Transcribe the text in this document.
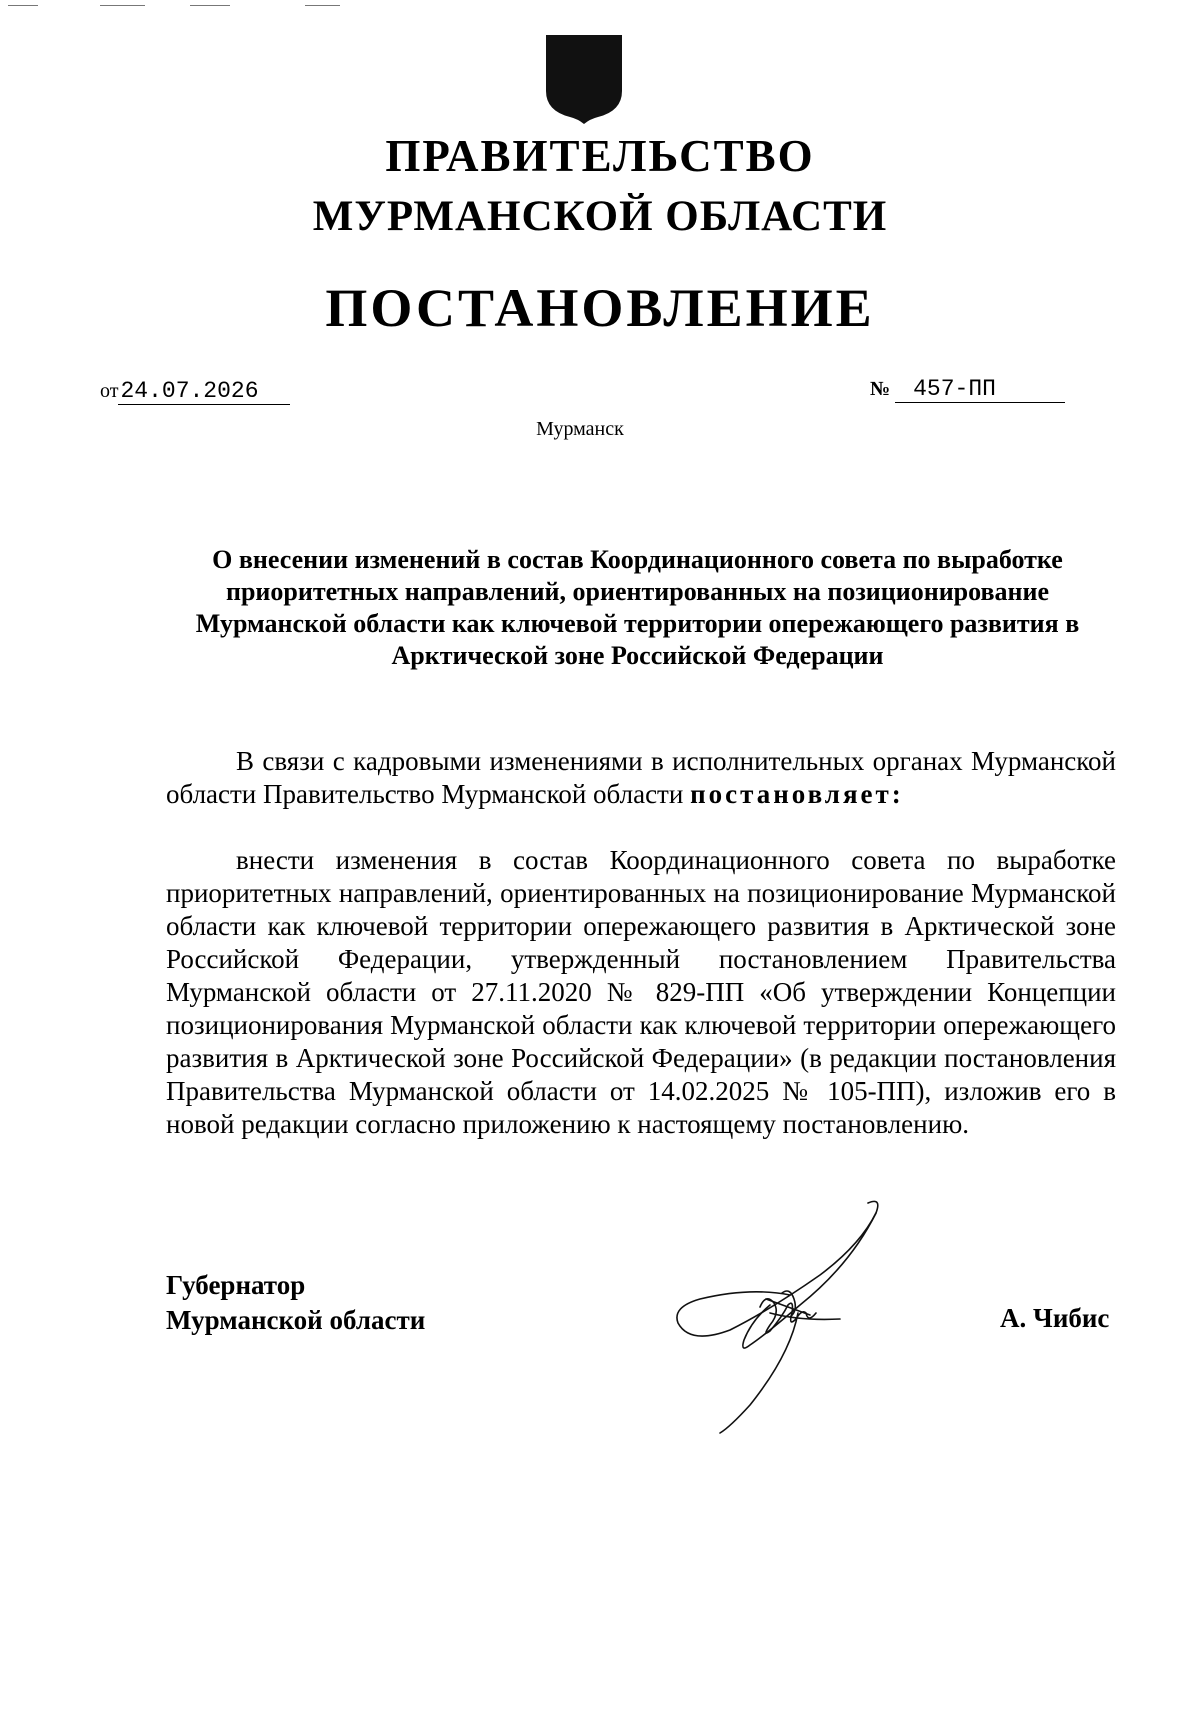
ПРАВИТЕЛЬСТВО
МУРМАНСКОЙ ОБЛАСТИ
ПОСТАНОВЛЕНИЕ
от24.07.2026	№ 457-ПП
Мурманск
О внесении изменений в состав Координационного совета по выработке приоритетных направлений, ориентированных на позиционирование Мурманской области как ключевой территории опережающего развития в Арктической зоне Российской Федерации
В связи с кадровыми изменениями в исполнительных органах Мурманской области Правительство Мурманской области постановляет:
внести изменения в состав Координационного совета по выработке приоритетных направлений, ориентированных на позиционирование Мурманской области как ключевой территории опережающего развития в Арктической зоне Российской Федерации, утвержденный постановлением Правительства Мурманской области от 27.11.2020 № 829-ПП «Об утверждении Концепции позиционирования Мурманской области как ключевой территории опережающего развития в Арктической зоне Российской Федерации» (в редакции постановления Правительства Мурманской области от 14.02.2025 № 105-ПП), изложив его в новой редакции согласно приложению к настоящему постановлению.
Губернатор
Мурманской области	А. Чибис
